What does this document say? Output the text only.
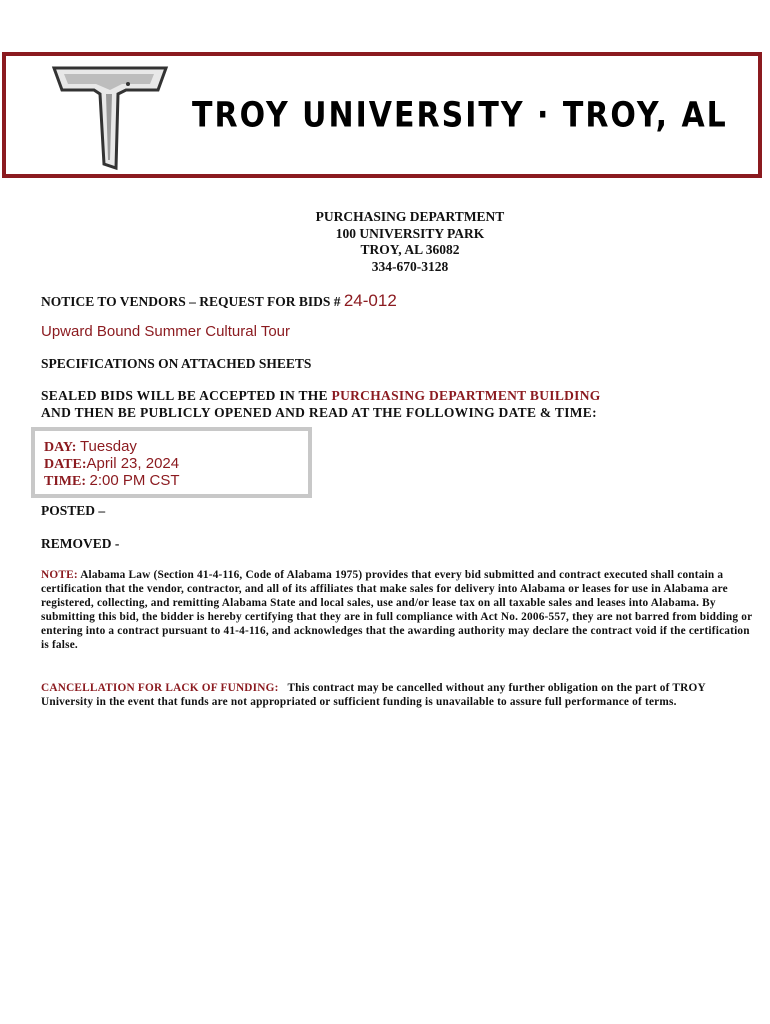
TROY UNIVERSITY · TROY, AL
PURCHASING DEPARTMENT
100 UNIVERSITY PARK
TROY, AL 36082
334-670-3128
NOTICE TO VENDORS – REQUEST FOR BIDS # 24-012
Upward Bound Summer Cultural Tour
SPECIFICATIONS ON ATTACHED SHEETS
SEALED BIDS WILL BE ACCEPTED IN THE PURCHASING DEPARTMENT BUILDING
AND THEN BE PUBLICLY OPENED AND READ AT THE FOLLOWING DATE & TIME:
DAY: Tuesday
DATE:April 23, 2024
TIME: 2:00 PM CST
POSTED –
REMOVED -
NOTE: Alabama Law (Section 41-4-116, Code of Alabama 1975) provides that every bid submitted and contract executed shall contain a certification that the vendor, contractor, and all of its affiliates that make sales for delivery into Alabama or leases for use in Alabama are registered, collecting, and remitting Alabama State and local sales, use and/or lease tax on all taxable sales and leases into Alabama. By submitting this bid, the bidder is hereby certifying that they are in full compliance with Act No. 2006-557, they are not barred from bidding or entering into a contract pursuant to 41-4-116, and acknowledges that the awarding authority may declare the contract void if the certification is false.
CANCELLATION FOR LACK OF FUNDING: This contract may be cancelled without any further obligation on the part of TROY University in the event that funds are not appropriated or sufficient funding is unavailable to assure full performance of terms.
